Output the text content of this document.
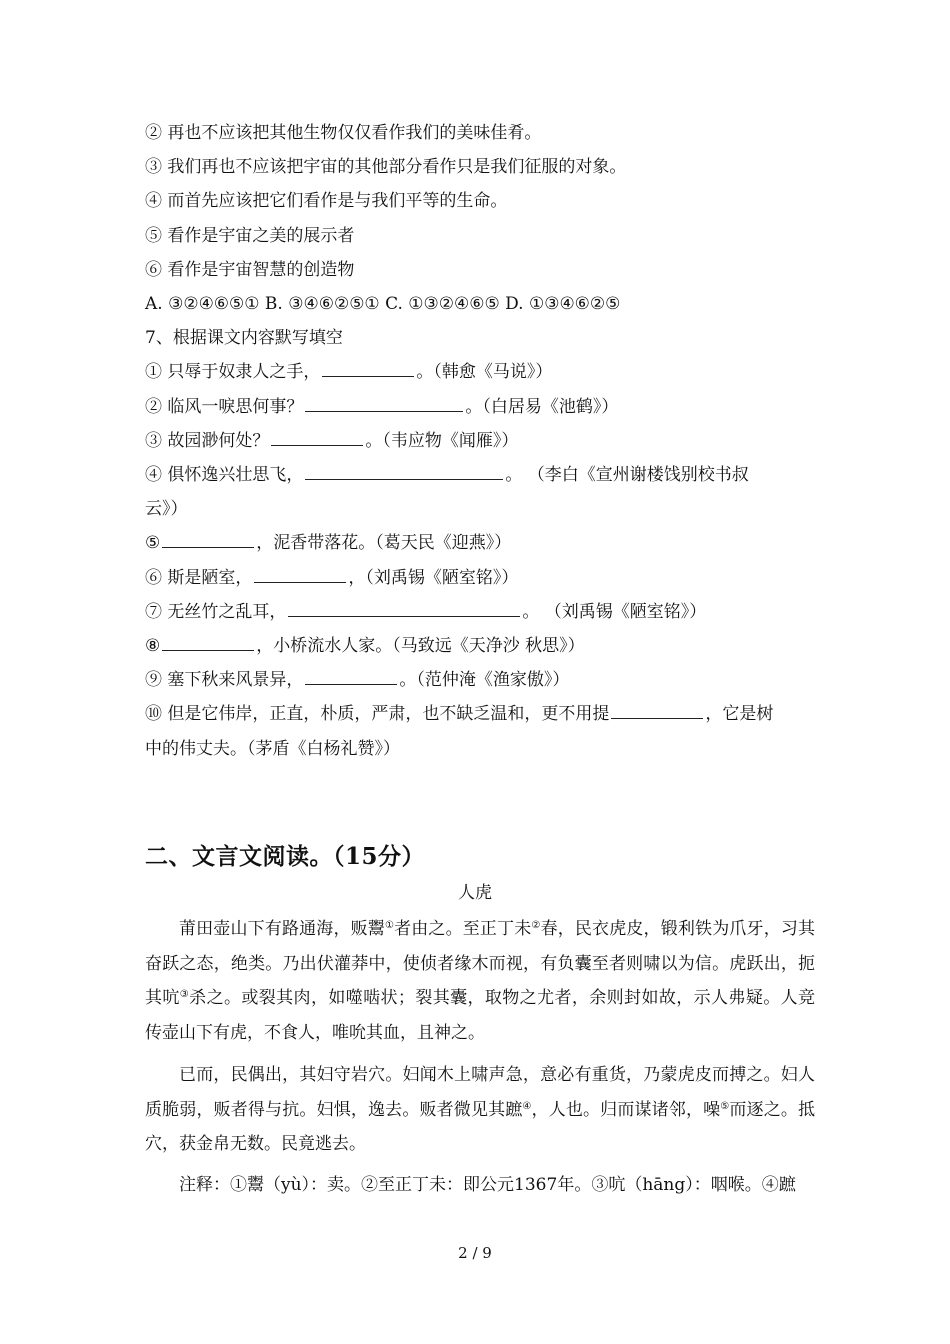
② 再也不应该把其他生物仅仅看作我们的美味佳肴。
③ 我们再也不应该把宇宙的其他部分看作只是我们征服的对象。
④ 而首先应该把它们看作是与我们平等的生命。
⑤ 看作是宇宙之美的展示者
⑥ 看作是宇宙智慧的创造物
A. ③②④⑥⑤① B. ③④⑥②⑤① C. ①③②④⑥⑤ D. ①③④⑥②⑤
7、根据课文内容默写填空
① 只辱于奴隶人之手，	。（韩愈《马说》）
② 临风一唳思何事？	。（白居易《池鹤》）
③ 故园渺何处？	。（韦应物《闻雁》）
④ 俱怀逸兴壮思飞，	。 （李白《宣州谢楼饯别校书叔
云》）
⑤	，泥香带落花。（葛天民《迎燕》）
⑥ 斯是陋室，	，（刘禹锡《陋室铭》）
⑦ 无丝竹之乱耳，	。 （刘禹锡《陋室铭》）
⑧	，小桥流水人家。（马致远《天净沙 秋思》）
⑨ 塞下秋来风景异，	。（范仲淹《渔家傲》）
⑩ 但是它伟岸，正直，朴质，严肃，也不缺乏温和，更不用提	，它是树
中的伟丈夫。（茅盾《白杨礼赞》）
二、文言文阅读。（15分）
人虎
莆田壶山下有路通海，贩鬻①者由之。至正丁未②春，民衣虎皮，锻利铁为爪牙，习其奋跃之态，绝类。乃出伏灌莽中，使侦者缘木而视，有负囊至者则啸以为信。虎跃出，扼其吭③杀之。或裂其肉，如噬啮状；裂其囊，取物之尤者，余则封如故，示人弗疑。人竞传壶山下有虎，不食人，唯吮其血，且神之。
已而，民偶出，其妇守岩穴。妇闻木上啸声急，意必有重货，乃蒙虎皮而搏之。妇人质脆弱，贩者得与抗。妇惧，逸去。贩者微见其蹠④，人也。归而谋诸邻，噪⑤而逐之。抵穴，获金帛无数。民竟逃去。
注释：①鬻（yù）：卖。②至正丁未：即公元1367年。③吭（hāng）：咽喉。④蹠
2 / 9
